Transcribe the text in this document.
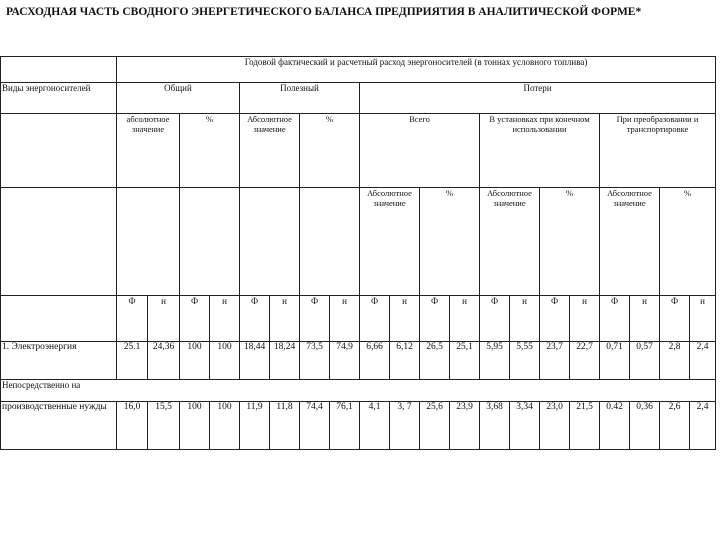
РАСХОДНАЯ ЧАСТЬ СВОДНОГО ЭНЕРГЕТИЧЕСКОГО БАЛАНСА ПРЕДПРИЯТИЯ В АНАЛИТИЧЕСКОЙ ФОРМЕ*
	Годовой фактический и расчетный расход энергоносителей (в тоннах условного топлива)																			
Виды энергоносителей	Общий				Полезный				Потери											
	абсолютное значение		%		Абсолютное значение		%		Всего				В установках при конечном использовании				При преобразовании и транспортировке			
									Абсолютное значение		%		Абсолютное значение		%		Абсолютное значение		%	
	Ф	н	Ф	н	Ф	н	Ф	н	Ф	н	Ф	н	Ф	н	Ф	н	Ф	н	Ф	н
1. Электроэнергия	25.1	24,36	100	100	18,44	18,24	73,5	74,9	6,66	6,12	26,5	25,1	5,95	5,55	23,7	22,7	0,71	0,57	2,8	2,4
Непосредственно на																				
производственные нужды	16,0	15,5	100	100	11,9	11,8	74,4	76,1	4,1	3, 7	25,6	23,9	3,68	3,34	23,0	21,5	0.42	0,36	2,6	2,4
